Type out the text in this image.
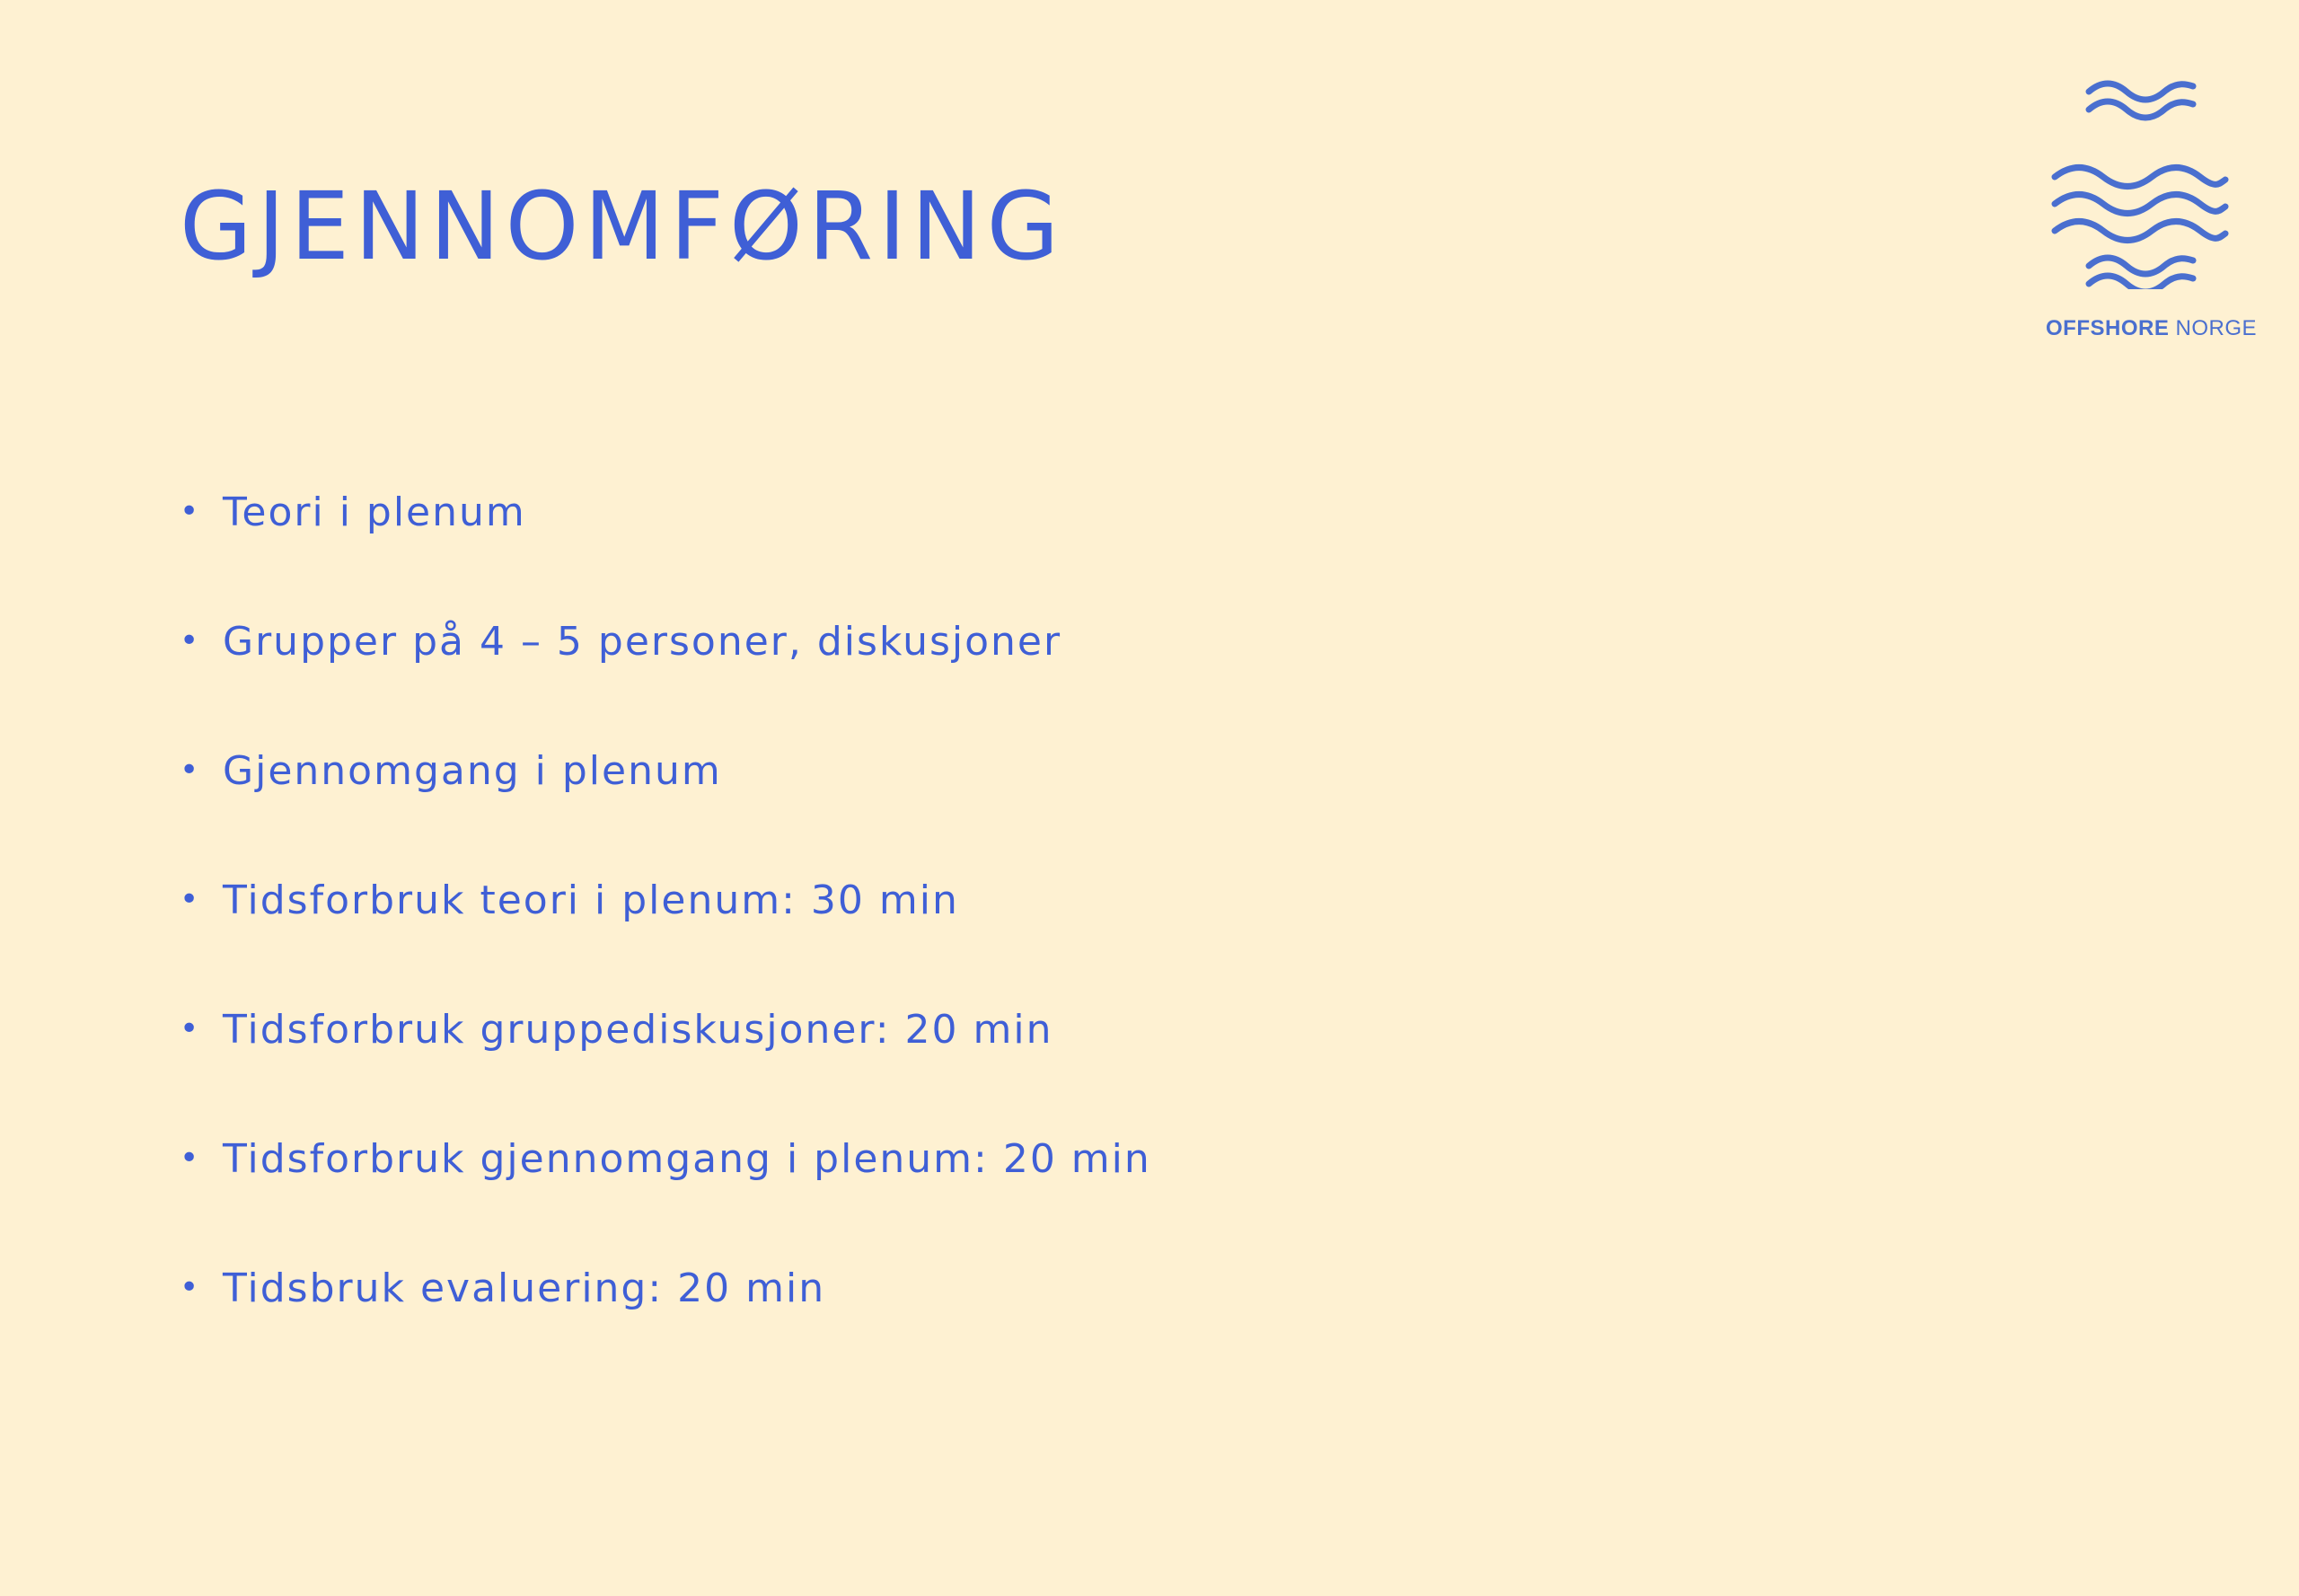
GJENNOMFØRING
• Teori i plenum
• Grupper på 4 – 5 personer, diskusjoner
• Gjennomgang i plenum
• Tidsforbruk teori i plenum: 30 min
• Tidsforbruk gruppediskusjoner: 20 min
• Tidsforbruk gjennomgang i plenum: 20 min
• Tidsbruk evaluering: 20 min
OFFSHORE NORGE
